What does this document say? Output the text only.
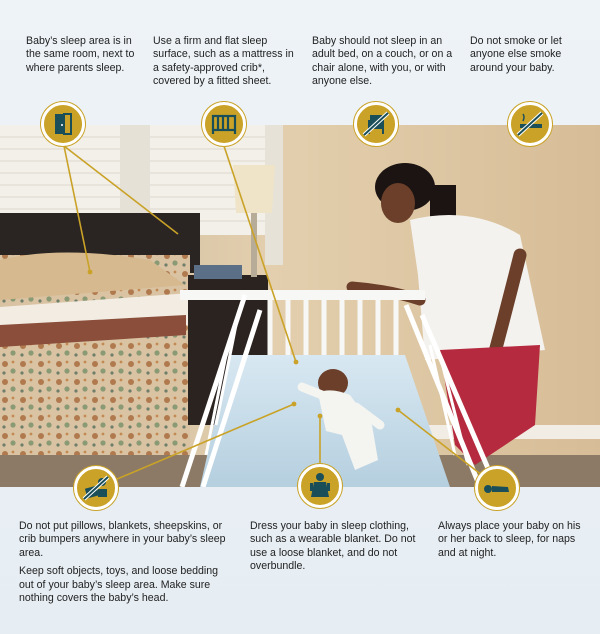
Baby’s sleep area is in the same room, next to where parents sleep.

Use a firm and flat sleep surface, such as a mattress in a safety-approved crib*, covered by a fitted sheet.

Baby should not sleep in an adult bed, on a couch, or on a chair alone, with you, or with anyone else.

Do not smoke or let anyone else smoke around your baby.

Do not put pillows, blankets, sheepskins, or crib bumpers anywhere in your baby’s sleep area.

Keep soft objects, toys, and loose bedding out of your baby’s sleep area. Make sure nothing covers the baby’s head.

Dress your baby in sleep clothing, such as a wearable blanket. Do not use a loose blanket, and do not overbundle.

Always place your baby on his or her back to sleep, for naps and at night.
